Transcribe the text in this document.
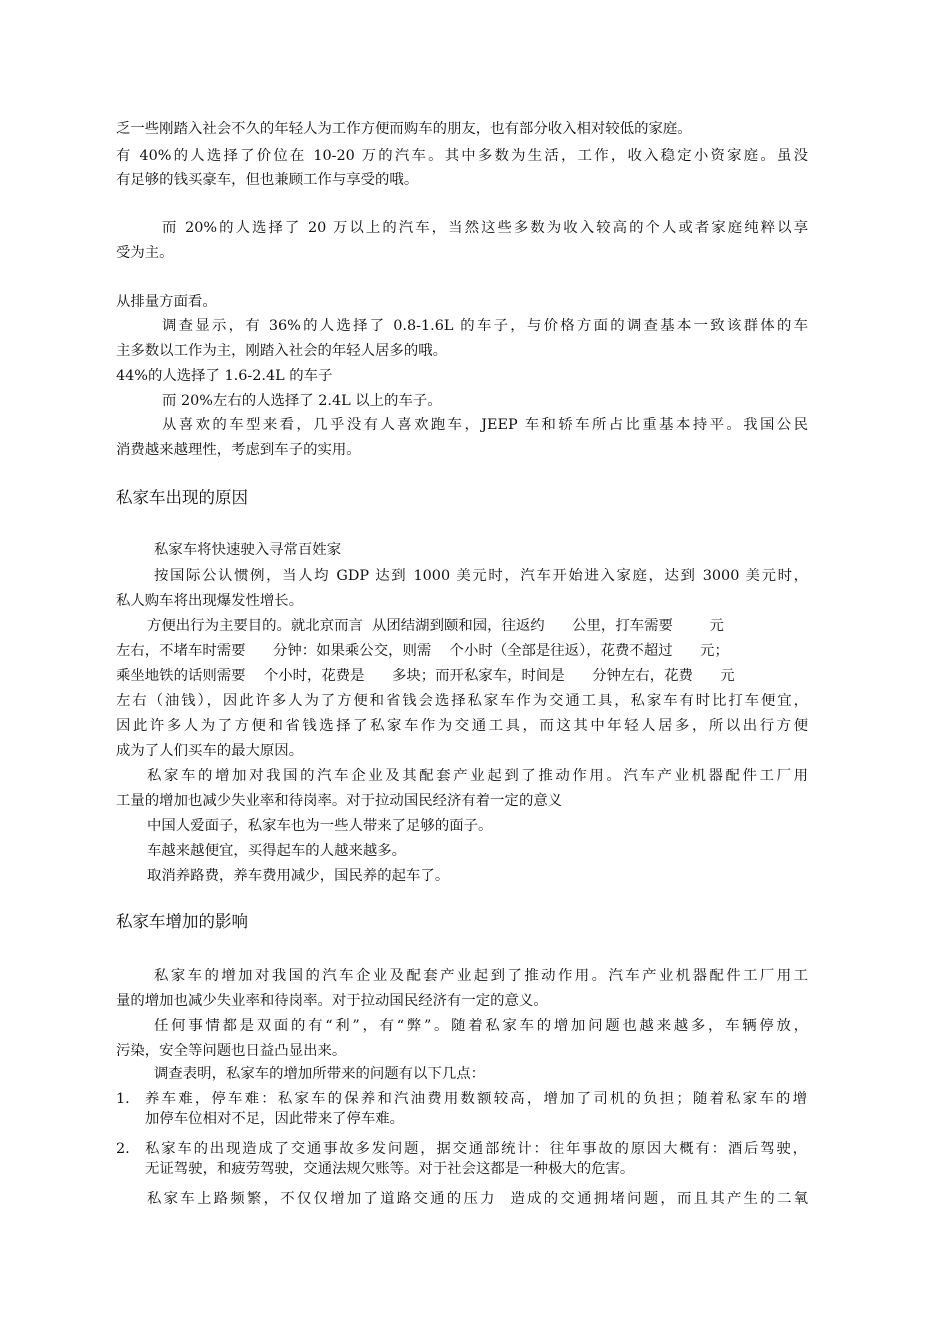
乏一些刚踏入社会不久的年轻人为工作方便而购车的朋友，也有部分收入相对较低的家庭。
有 40%的人选择了价位在 10-20 万的汽车。其中多数为生活，工作，收入稳定小资家庭。虽没
有足够的钱买豪车，但也兼顾工作与享受的哦。
而 20%的人选择了 20 万以上的汽车，当然这些多数为收入较高的个人或者家庭纯粹以享
受为主。
从排量方面看。
调查显示，有 36%的人选择了 0.8-1.6L 的车子，与价格方面的调查基本一致该群体的车
主多数以工作为主，刚踏入社会的年轻人居多的哦。
44%的人选择了 1.6-2.4L 的车子
而 20%左右的人选择了 2.4L 以上的车子。
从喜欢的车型来看，几乎没有人喜欢跑车，JEEP 车和轿车所占比重基本持平。我国公民
消费越来越理性，考虑到车子的实用。
私家车出现的原因
私家车将快速驶入寻常百姓家
按国际公认惯例，当人均 GDP 达到 1000 美元时，汽车开始进入家庭，达到 3000 美元时，
私人购车将出现爆发性增长。
方便出行为主要目的。就北京而言  从团结湖到颐和园，往返约      公里，打车需要        元
左右，不堵车时需要      分钟：如果乘公交，则需    个小时（全部是往返），花费不超过      元；
乘坐地铁的话则需要    个小时，花费是      多块；而开私家车，时间是      分钟左右，花费      元
左右（油钱），因此许多人为了方便和省钱会选择私家车作为交通工具，私家车有时比打车便宜，
因此许多人为了方便和省钱选择了私家车作为交通工具，而这其中年轻人居多，所以出行方便
成为了人们买车的最大原因。
私家车的增加对我国的汽车企业及其配套产业起到了推动作用。汽车产业机器配件工厂用
工量的增加也减少失业率和待岗率。对于拉动国民经济有着一定的意义
中国人爱面子，私家车也为一些人带来了足够的面子。
车越来越便宜，买得起车的人越来越多。
取消养路费，养车费用减少，国民养的起车了。
私家车增加的影响
私家车的增加对我国的汽车企业及配套产业起到了推动作用。汽车产业机器配件工厂用工
量的增加也减少失业率和待岗率。对于拉动国民经济有一定的意义。
任何事情都是双面的有“利”，有“弊”。随着私家车的增加问题也越来越多，车辆停放，
污染，安全等问题也日益凸显出来。
调查表明，私家车的增加所带来的问题有以下几点：
1. 养车难，停车难：私家车的保养和汽油费用数额较高，增加了司机的负担；随着私家车的增
加停车位相对不足，因此带来了停车难。
2. 私家车的出现造成了交通事故多发问题，据交通部统计：往年事故的原因大概有：酒后驾驶，
无证驾驶，和疲劳驾驶，交通法规欠账等。对于社会这都是一种极大的危害。
私家车上路频繁，不仅仅增加了道路交通的压力  造成的交通拥堵问题，而且其产生的二氧
